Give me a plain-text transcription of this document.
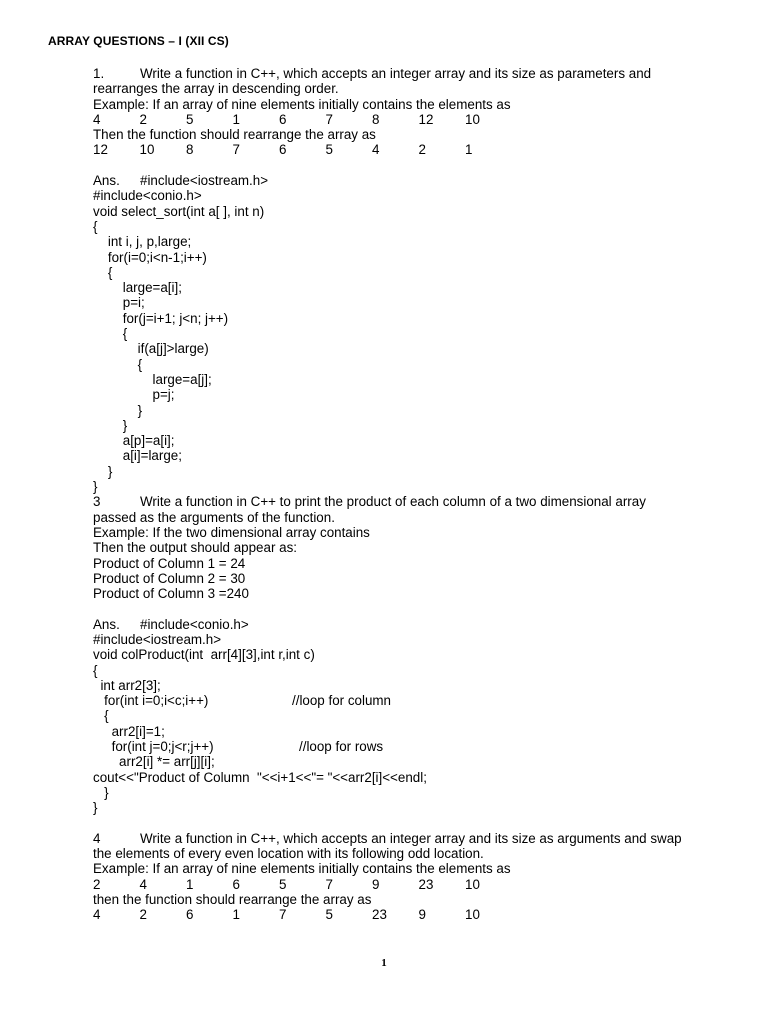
ARRAY QUESTIONS – I (XII CS)
1.	Write a function in C++, which accepts an integer array and its size as parameters and
rearranges the array in descending order.
Example: If an array of nine elements initially contains the elements as
4	2	5	1	6	7	8	12	10
Then the function should rearrange the array as
12	10	8	7	6	5	4	2	1
Ans. #include<iostream.h>
#include<conio.h>
void select_sort(int a[ ], int n)
{
int i, j, p,large;
for(i=0;i<n-1;i++)
{
large=a[i];
p=i;
for(j=i+1; j<n; j++)
{
if(a[j]>large)
{
large=a[j];
p=j;
}
}
a[p]=a[i];
a[i]=large;
}
}
3	Write a function in C++ to print the product of each column of a two dimensional array
passed as the arguments of the function.
Example: If the two dimensional array contains
Then the output should appear as:
Product of Column 1 = 24
Product of Column 2 = 30
Product of Column 3 =240
Ans. #include<conio.h>
#include<iostream.h>
void colProduct(int  arr[4][3],int r,int c)
{
int arr2[3];
for(int i=0;i<c;i++)	//loop for column
{
arr2[i]=1;
for(int j=0;j<r;j++)	//loop for rows
arr2[i] *= arr[j][i];
cout<<"Product of Column  "<<i+1<<"= "<<arr2[i]<<endl;
}
}
4	Write a function in C++, which accepts an integer array and its size as arguments and swap
the elements of every even location with its following odd location.
Example: If an array of nine elements initially contains the elements as
2	4	1	6	5	7	9	23	10
then the function should rearrange the array as
4	2	6	1	7	5	23	9	10
1
